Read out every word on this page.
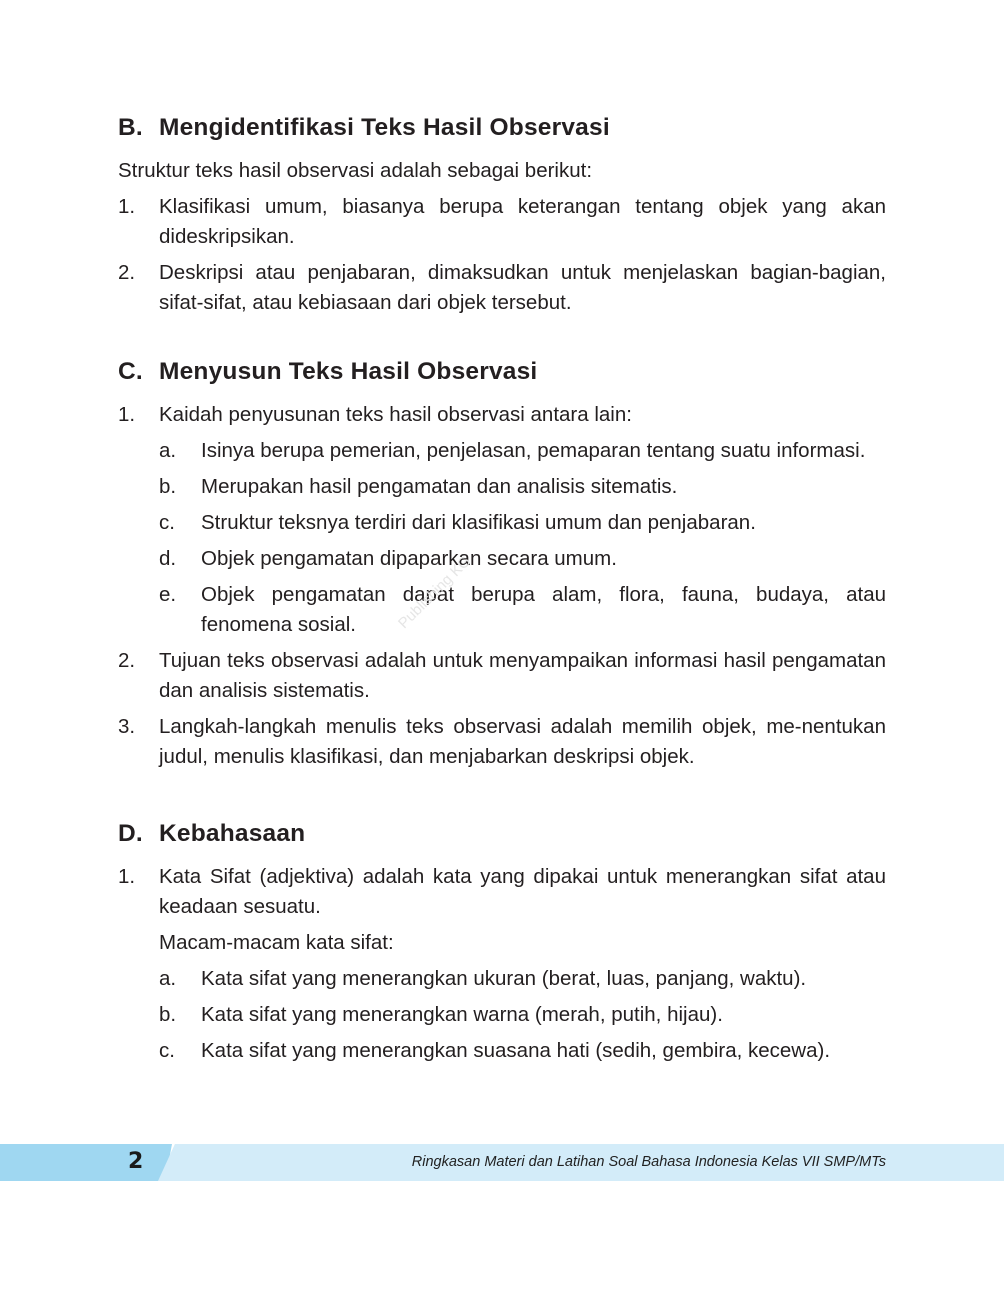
B. Mengidentifikasi Teks Hasil Observasi

Struktur teks hasil observasi adalah sebagai berikut:

1.	Klasifikasi umum, biasanya berupa keterangan tentang objek yang akan dideskripsikan.

2.	Deskripsi atau penjabaran, dimaksudkan untuk menjelaskan bagian-bagian, sifat-sifat, atau kebiasaan dari objek tersebut.

C. Menyusun Teks Hasil Observasi
1.	Kaidah penyusunan teks hasil observasi antara lain:

a.	Isinya berupa pemerian, penjelasan, pemaparan tentang suatu informasi.

b.	Merupakan hasil pengamatan dan analisis sitematis.

c.	Struktur teksnya terdiri dari klasifikasi umum dan penjabaran.

d.	Objek pengamatan dipaparkan secara umum.

e.	Objek pengamatan dapat berupa alam, flora, fauna, budaya, atau fenomena sosial.

2.	Tujuan teks observasi adalah untuk menyampaikan informasi hasil pengamatan dan analisis sistematis.

3.	Langkah-langkah menulis teks observasi adalah memilih objek, me-nentukan judul, menulis klasifikasi, dan menjabarkan deskripsi objek.

D. Kebahasaan
1.	Kata Sifat (adjektiva) adalah kata yang dipakai untuk menerangkan sifat atau keadaan sesuatu.

Macam-macam kata sifat:

a.	Kata sifat yang menerangkan ukuran (berat, luas, panjang, waktu).

b.	Kata sifat yang menerangkan warna (merah, putih, hijau).

c.	Kata sifat yang menerangkan suasana hati (sedih, gembira, kecewa).

Publishing KG
2	Ringkasan Materi dan Latihan Soal Bahasa Indonesia Kelas VII SMP/MTs
